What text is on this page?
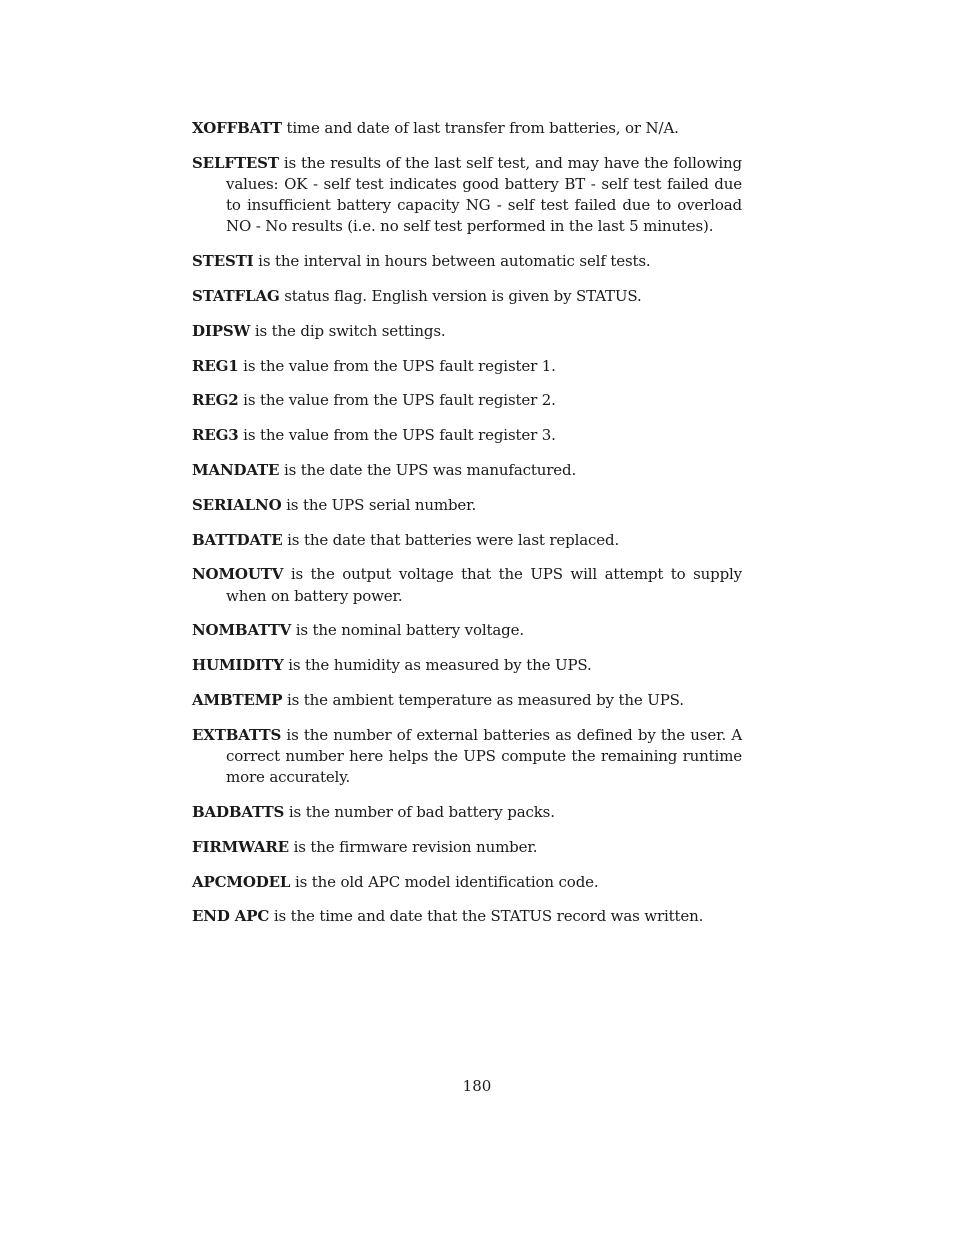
XOFFBATT time and date of last transfer from batteries, or N/A.

SELFTEST is the results of the last self test, and may have the following values: OK - self test indicates good battery BT - self test failed due to insufficient battery capacity NG - self test failed due to overload NO - No results (i.e. no self test performed in the last 5 minutes).

STESTI is the interval in hours between automatic self tests.

STATFLAG status flag. English version is given by STATUS.

DIPSW is the dip switch settings.

REG1 is the value from the UPS fault register 1.

REG2 is the value from the UPS fault register 2.

REG3 is the value from the UPS fault register 3.

MANDATE is the date the UPS was manufactured.

SERIALNO is the UPS serial number.

BATTDATE is the date that batteries were last replaced.

NOMOUTV is the output voltage that the UPS will attempt to supply when on battery power.

NOMBATTV is the nominal battery voltage.

HUMIDITY is the humidity as measured by the UPS.

AMBTEMP is the ambient temperature as measured by the UPS.

EXTBATTS is the number of external batteries as defined by the user. A correct number here helps the UPS compute the remaining runtime more accurately.

BADBATTS is the number of bad battery packs.

FIRMWARE is the firmware revision number.

APCMODEL is the old APC model identification code.

END APC is the time and date that the STATUS record was written.

180
